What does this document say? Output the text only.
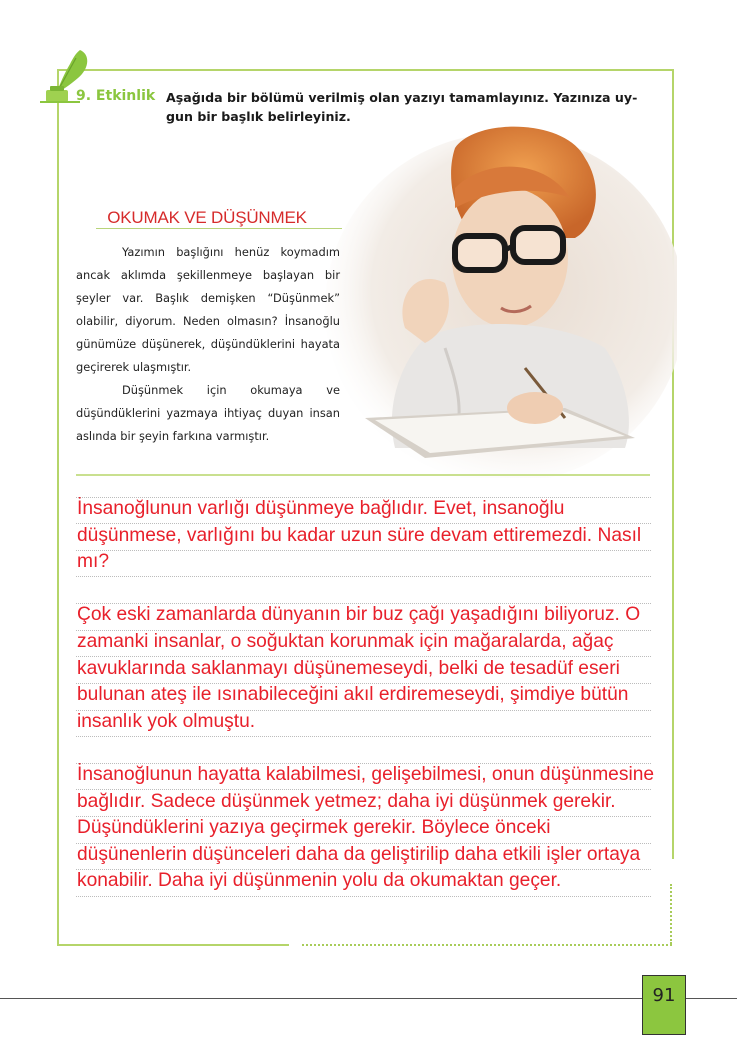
9. Etkinlik Aşağıda bir bölümü verilmiş olan yazıyı tamamlayınız. Yazınıza uy-gun bir başlık belirleyiniz.
OKUMAK VE DÜŞÜNMEK

Yazımın başlığını henüz koymadım ancak aklımda şekillenmeye başlayan bir şeyler var. Başlık demişken “Düşünmek” olabilir, diyorum. Neden olmasın? İnsanoğlu günümüze düşünerek, düşündüklerini hayata geçirerek ulaşmıştır.

Düşünmek için okumaya ve düşündüklerini yazmaya ihtiyaç duyan insan aslında bir şeyin farkına varmıştır.

İnsanoğlunun varlığı düşünmeye bağlıdır. Evet, insanoğlu düşünmese, varlığını bu kadar uzun süre devam ettiremezdi. Nasıl mı?

Çok eski zamanlarda dünyanın bir buz çağı yaşadığını biliyoruz. O zamanki insanlar, o soğuktan korunmak için mağaralarda, ağaç kavuklarında saklanmayı düşünemeseydi, belki de tesadüf eseri bulunan ateş ile ısınabileceğini akıl erdiremeseydi, şimdiye bütün insanlık yok olmuştu.

İnsanoğlunun hayatta kalabilmesi, gelişebilmesi, onun düşünmesine bağlıdır. Sadece düşünmek yetmez; daha iyi düşünmek gerekir. Düşündüklerini yazıya geçirmek gerekir. Böylece önceki düşünenlerin düşünceleri daha da geliştirilip daha etkili işler ortaya konabilir. Daha iyi düşünmenin yolu da okumaktan geçer.

91
